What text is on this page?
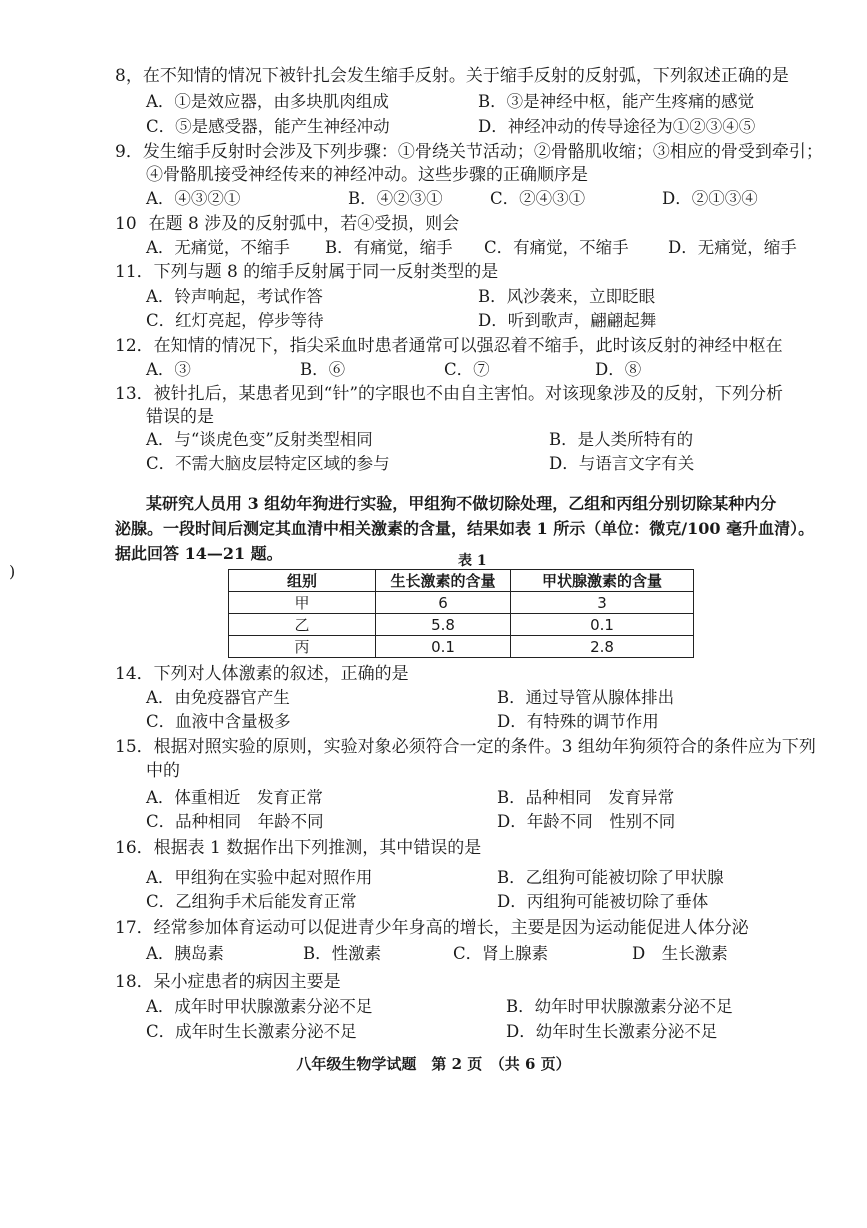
8，在不知情的情况下被针扎会发生缩手反射。关于缩手反射的反射弧，下列叙述正确的是
A．①是效应器，由多块肌肉组成	B．③是神经中枢，能产生疼痛的感觉
C．⑤是感受器，能产生神经冲动	D．神经冲动的传导途径为①②③④⑤
9．发生缩手反射时会涉及下列步骤：①骨绕关节活动；②骨骼肌收缩；③相应的骨受到牵引；
④骨骼肌接受神经传来的神经冲动。这些步骤的正确顺序是
A．④③②①	B．④②③①	C．②④③①	D．②①③④
10 在题 8 涉及的反射弧中，若④受损，则会
A．无痛觉，不缩手 B．有痛觉，缩手 C．有痛觉，不缩手 D．无痛觉，缩手
11．下列与题 8 的缩手反射属于同一反射类型的是
A．铃声响起，考试作答	B．风沙袭来，立即眨眼
C．红灯亮起，停步等待	D．听到歌声，翩翩起舞
12．在知情的情况下，指尖采血时患者通常可以强忍着不缩手，此时该反射的神经中枢在
A．③	B．⑥	C．⑦	D．⑧
13．被针扎后，某患者见到“针”的字眼也不由自主害怕。对该现象涉及的反射，下列分析
错误的是
A．与“谈虎色变”反射类型相同	B．是人类所特有的
C．不需大脑皮层特定区域的参与	D．与语言文字有关
某研究人员用 3 组幼年狗进行实验，甲组狗不做切除处理，乙组和丙组分别切除某种内分
泌腺。一段时间后测定其血清中相关激素的含量，结果如表 1 所示（单位：微克/100 毫升血清）。
据此回答 14—21 题。
)
表 1
组别	生长激素的含量	甲状腺激素的含量
甲	6	3
乙	5.8	0.1
丙	0.1	2.8
14．下列对人体激素的叙述，正确的是
A．由免疫器官产生	B．通过导管从腺体排出
C．血液中含量极多	D．有特殊的调节作用
15．根据对照实验的原则，实验对象必须符合一定的条件。3 组幼年狗须符合的条件应为下列
中的
A．体重相近　发育正常	B．品种相同　发育异常
C．品种相同　年龄不同	D．年龄不同　性别不同
16．根据表 1 数据作出下列推测，其中错误的是
A．甲组狗在实验中起对照作用	B．乙组狗可能被切除了甲状腺
C．乙组狗手术后能发育正常	D．丙组狗可能被切除了垂体
17．经常参加体育运动可以促进青少年身高的增长，主要是因为运动能促进人体分泌
A．胰岛素	B．性激素	C．肾上腺素	D　生长激素
18．呆小症患者的病因主要是
A．成年时甲状腺激素分泌不足	B．幼年时甲状腺激素分泌不足
C．成年时生长激素分泌不足	D．幼年时生长激素分泌不足
八年级生物学试题　第 2 页　（共 6 页）
